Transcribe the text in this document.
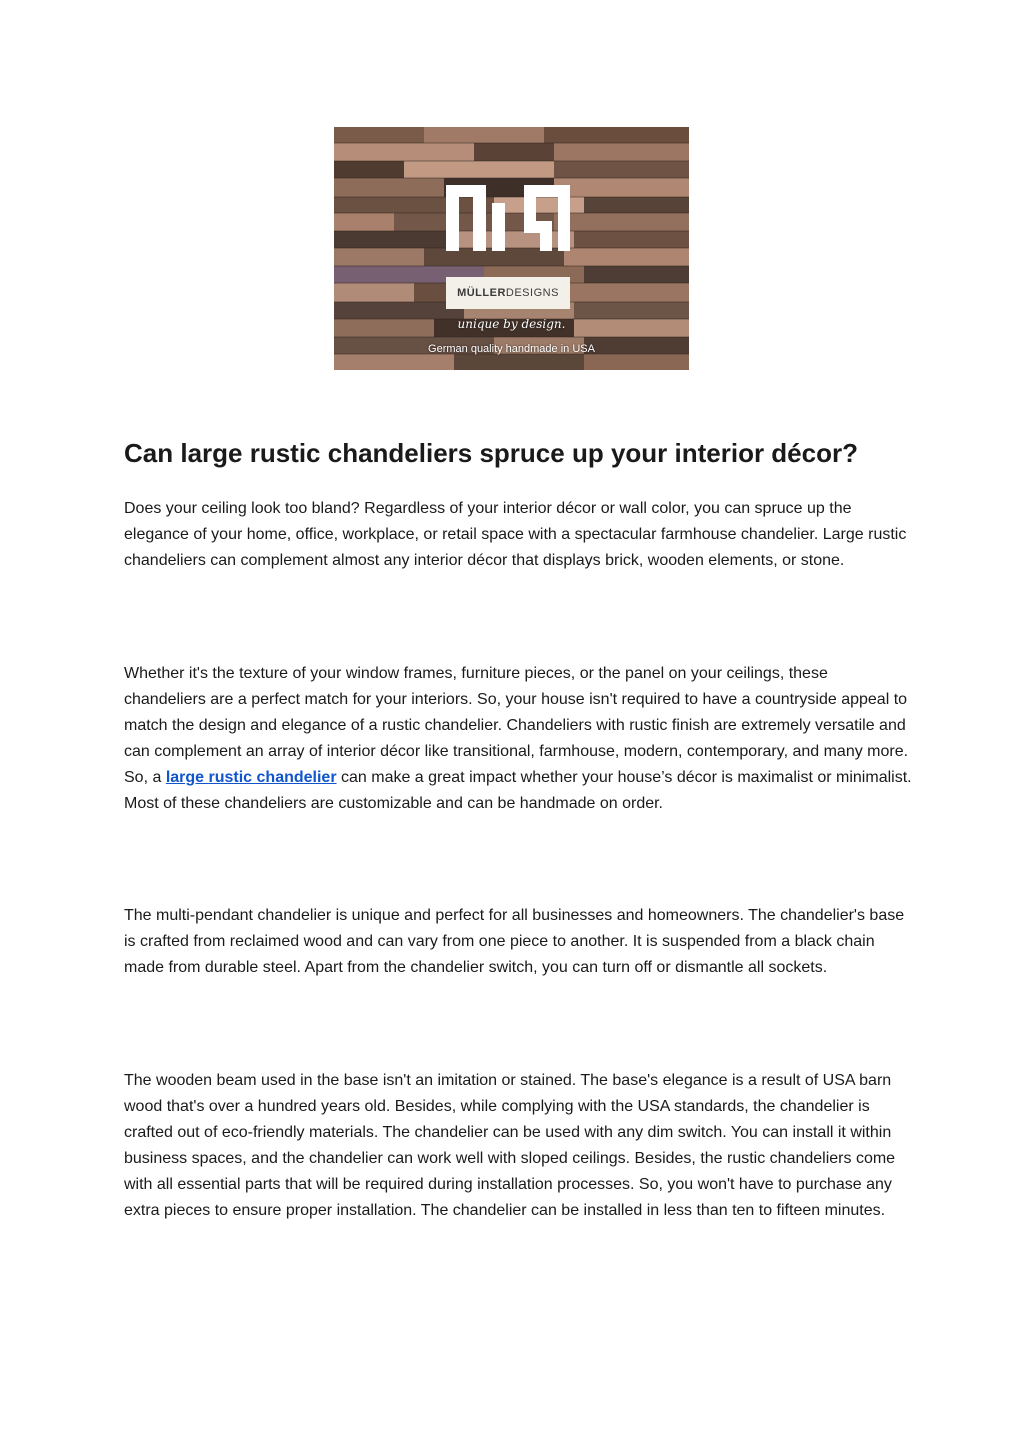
MÜLLER DESIGNS
unique by design.
German quality handmade in USA
Can large rustic chandeliers spruce up your interior décor?

Does your ceiling look too bland? Regardless of your interior décor or wall color, you can spruce up the elegance of your home, office, workplace, or retail space with a spectacular farmhouse chandelier. Large rustic chandeliers can complement almost any interior décor that displays brick, wooden elements, or stone.

Whether it's the texture of your window frames, furniture pieces, or the panel on your ceilings, these chandeliers are a perfect match for your interiors. So, your house isn't required to have a countryside appeal to match the design and elegance of a rustic chandelier. Chandeliers with rustic finish are extremely versatile and can complement an array of interior décor like transitional, farmhouse, modern, contemporary, and many more. So, a large rustic chandelier can make a great impact whether your house’s décor is maximalist or minimalist. Most of these chandeliers are customizable and can be handmade on order.

The multi-pendant chandelier is unique and perfect for all businesses and homeowners. The chandelier's base is crafted from reclaimed wood and can vary from one piece to another. It is suspended from a black chain made from durable steel. Apart from the chandelier switch, you can turn off or dismantle all sockets.

The wooden beam used in the base isn't an imitation or stained. The base's elegance is a result of USA barn wood that's over a hundred years old. Besides, while complying with the USA standards, the chandelier is crafted out of eco-friendly materials. The chandelier can be used with any dim switch. You can install it within business spaces, and the chandelier can work well with sloped ceilings. Besides, the rustic chandeliers come with all essential parts that will be required during installation processes. So, you won't have to purchase any extra pieces to ensure proper installation. The chandelier can be installed in less than ten to fifteen minutes.
